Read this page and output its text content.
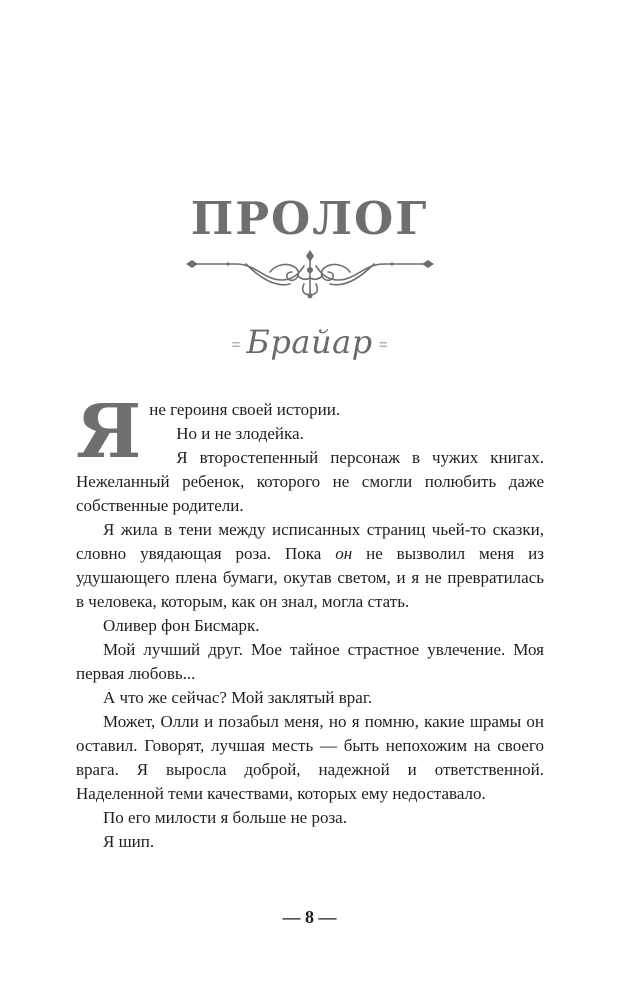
ПРОЛОГ
= Брайар =

Яне героиня своей истории.

Но и не злодейка.

Я второстепенный персонаж в чужих книгах. Нежеланный ребенок, которого не смогли полюбить даже собственные родители.

Я жила в тени между исписанных страниц чьей-то сказки, словно увядающая роза. Пока он не вызволил меня из удушающего плена бумаги, окутав светом, и я не превратилась в человека, которым, как он знал, могла стать.

Оливер фон Бисмарк.

Мой лучший друг. Мое тайное страстное увлечение. Моя первая любовь...

А что же сейчас? Мой заклятый враг.

Может, Олли и позабыл меня, но я помню, какие шрамы он оставил. Говорят, лучшая месть — быть непохожим на своего врага. Я выросла доброй, надежной и ответственной. Наделенной теми качествами, которых ему недоставало.

По его милости я больше не роза.

Я шип.

— 8 —
